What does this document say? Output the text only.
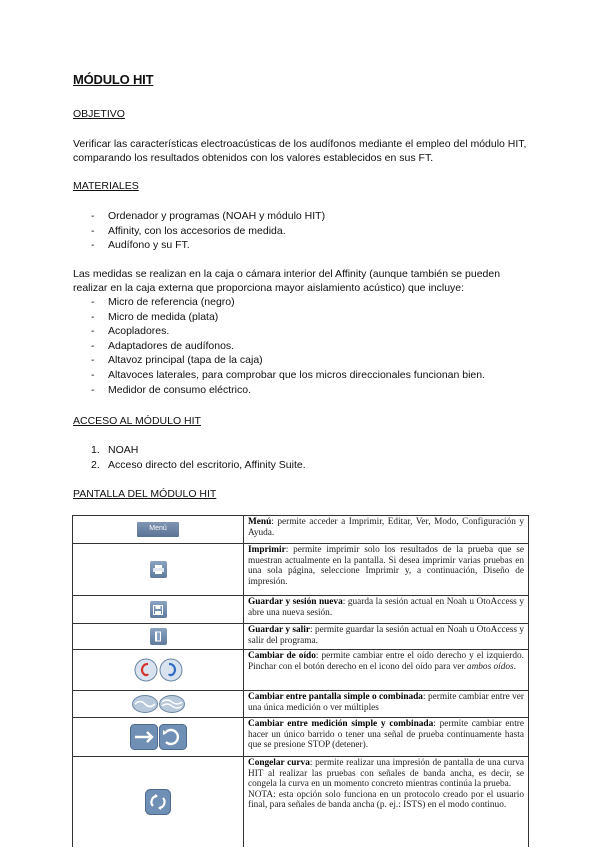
MÓDULO HIT
OBJETIVO
Verificar las características electroacústicas de los audífonos mediante el empleo del módulo HIT, comparando los resultados obtenidos con los valores establecidos en sus FT.
MATERIALES
- Ordenador y programas (NOAH y módulo HIT)
- Affinity, con los accesorios de medida.
- Audífono y su FT.
Las medidas se realizan en la caja o cámara interior del Affinity (aunque también se pueden realizar en la caja externa que proporciona mayor aislamiento acústico) que incluye:
- Micro de referencia (negro)
- Micro de medida (plata)
- Acopladores.
- Adaptadores de audífonos.
- Altavoz principal (tapa de la caja)
- Altavoces laterales, para comprobar que los micros direccionales funcionan bien.
- Medidor de consumo eléctrico.
ACCESO AL MÓDULO HIT
1. NOAH
2. Acceso directo del escritorio, Affinity Suite.
PANTALLA DEL MÓDULO HIT
Menú
Menú: permite acceder a Imprimir, Editar, Ver, Modo, Configuración y Ayuda.
Imprimir: permite imprimir solo los resultados de la prueba que se muestran actualmente en la pantalla. Si desea imprimir varias pruebas en una sola página, seleccione Imprimir y, a continuación, Diseño de impresión.
Guardar y sesión nueva: guarda la sesión actual en Noah u OtoAccess y abre una nueva sesión.
Guardar y salir: permite guardar la sesión actual en Noah u OtoAccess y salir del programa.
Cambiar de oído: permite cambiar entre el oído derecho y el izquierdo. Pinchar con el botón derecho en el icono del oído para ver ambos oídos.
Cambiar entre pantalla simple o combinada: permite cambiar entre ver una única medición o ver múltiples
Cambiar entre medición simple y combinada: permite cambiar entre hacer un único barrido o tener una señal de prueba continuamente hasta que se presione STOP (detener).
Congelar curva: permite realizar una impresión de pantalla de una curva HIT al realizar las pruebas con señales de banda ancha, es decir, se congela la curva en un momento concreto mientras continúa la prueba.
NOTA: esta opción solo funciona en un protocolo creado por el usuario final, para señales de banda ancha (p. ej.: ISTS) en el modo continuo.
